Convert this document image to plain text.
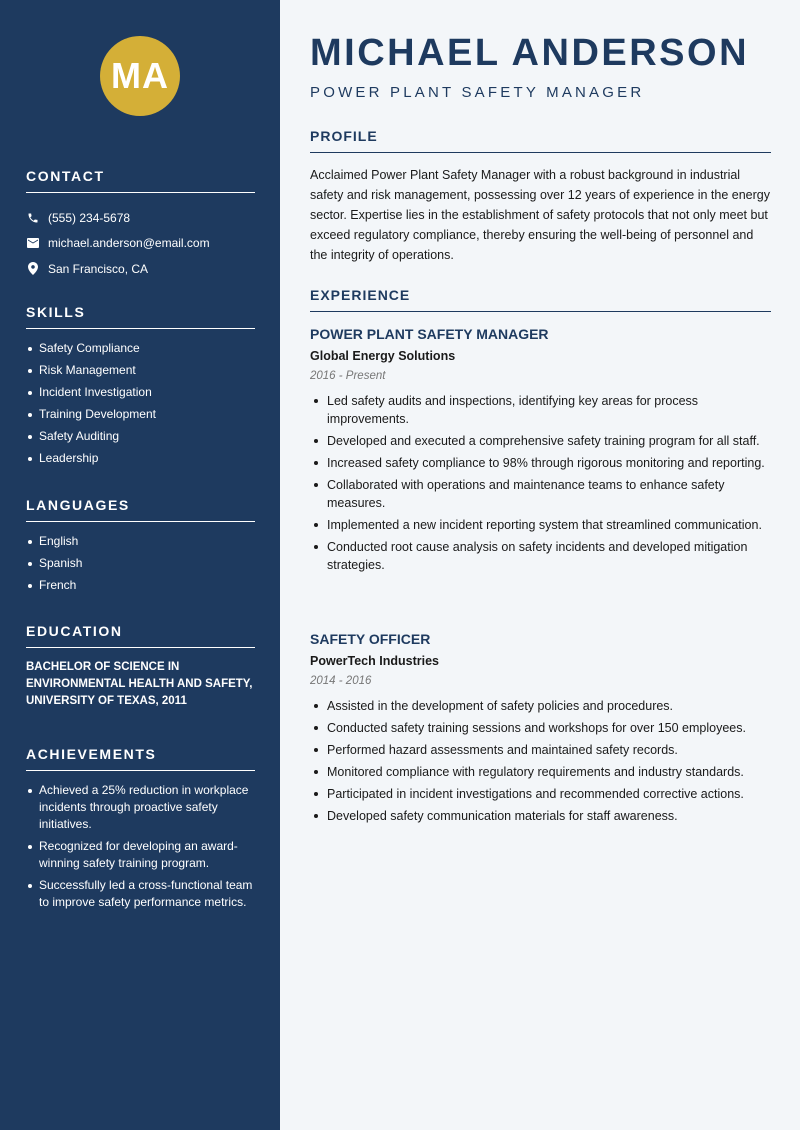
MA
CONTACT
(555) 234-5678
michael.anderson@email.com
San Francisco, CA
SKILLS
Safety Compliance
Risk Management
Incident Investigation
Training Development
Safety Auditing
Leadership
LANGUAGES
English
Spanish
French
EDUCATION
BACHELOR OF SCIENCE IN ENVIRONMENTAL HEALTH AND SAFETY, UNIVERSITY OF TEXAS, 2011
ACHIEVEMENTS
Achieved a 25% reduction in workplace incidents through proactive safety initiatives.
Recognized for developing an award-winning safety training program.
Successfully led a cross-functional team to improve safety performance metrics.
MICHAEL ANDERSON
POWER PLANT SAFETY MANAGER
PROFILE
Acclaimed Power Plant Safety Manager with a robust background in industrial safety and risk management, possessing over 12 years of experience in the energy sector. Expertise lies in the establishment of safety protocols that not only meet but exceed regulatory compliance, thereby ensuring the well-being of personnel and the integrity of operations.
EXPERIENCE
POWER PLANT SAFETY MANAGER
Global Energy Solutions
2016 - Present
Led safety audits and inspections, identifying key areas for process improvements.
Developed and executed a comprehensive safety training program for all staff.
Increased safety compliance to 98% through rigorous monitoring and reporting.
Collaborated with operations and maintenance teams to enhance safety measures.
Implemented a new incident reporting system that streamlined communication.
Conducted root cause analysis on safety incidents and developed mitigation strategies.
SAFETY OFFICER
PowerTech Industries
2014 - 2016
Assisted in the development of safety policies and procedures.
Conducted safety training sessions and workshops for over 150 employees.
Performed hazard assessments and maintained safety records.
Monitored compliance with regulatory requirements and industry standards.
Participated in incident investigations and recommended corrective actions.
Developed safety communication materials for staff awareness.
